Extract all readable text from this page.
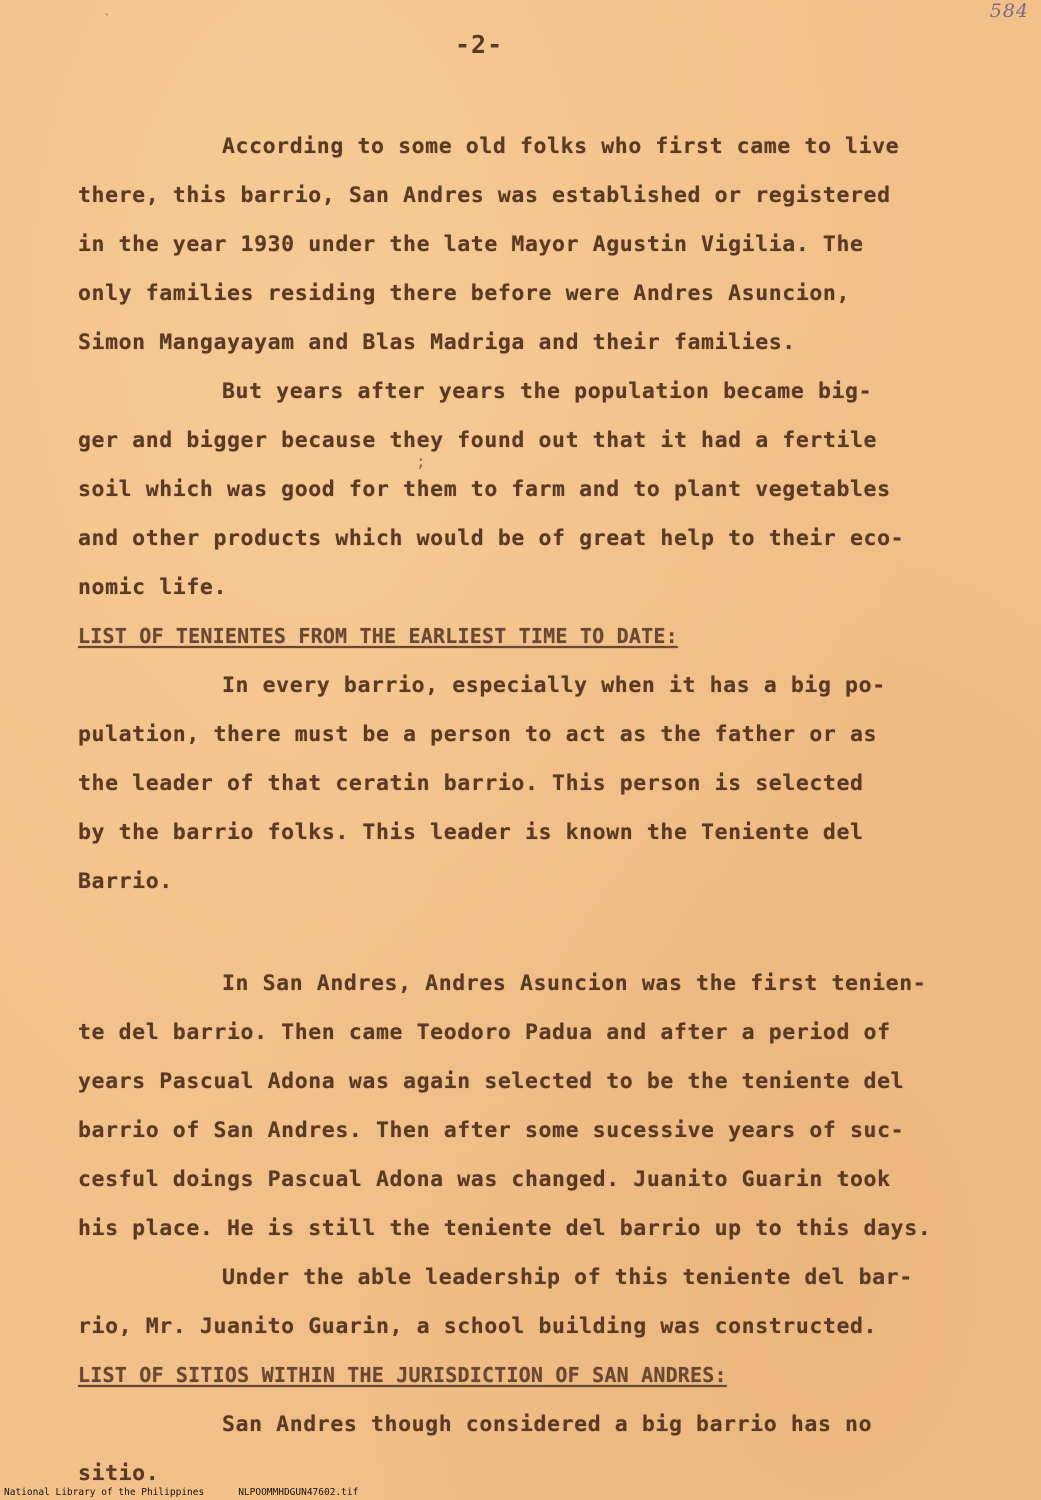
`	584
-2-
;
According to some old folks who first came to live
there, this barrio, San Andres was established or registered
in the year 1930 under the late Mayor Agustin Vigilia. The
only families residing there before were Andres Asuncion,
Simon Mangayayam and Blas Madriga and their families.
But years after years the population became big-
ger and bigger because they found out that it had a fertile
soil which was good for them to farm and to plant vegetables
and other products which would be of great help to their eco-
nomic life.
LIST OF TENIENTES FROM THE EARLIEST TIME TO DATE:
In every barrio, especially when it has a big po-
pulation, there must be a person to act as the father or as
the leader of that ceratin barrio. This person is selected
by the barrio folks. This leader is known the Teniente del
Barrio.
In San Andres, Andres Asuncion was the first tenien-
te del barrio. Then came Teodoro Padua and after a period of
years Pascual Adona was again selected to be the teniente del
barrio of San Andres. Then after some sucessive years of suc-
cesful doings Pascual Adona was changed. Juanito Guarin took
his place. He is still the teniente del barrio up to this days.
Under the able leadership of this teniente del bar-
rio, Mr. Juanito Guarin, a school building was constructed.
LIST OF SITIOS WITHIN THE JURISDICTION OF SAN ANDRES:
San Andres though considered a big barrio has no
sitio.
National Library of the Philippines	NLPOOMMHDGUN47602.tif
